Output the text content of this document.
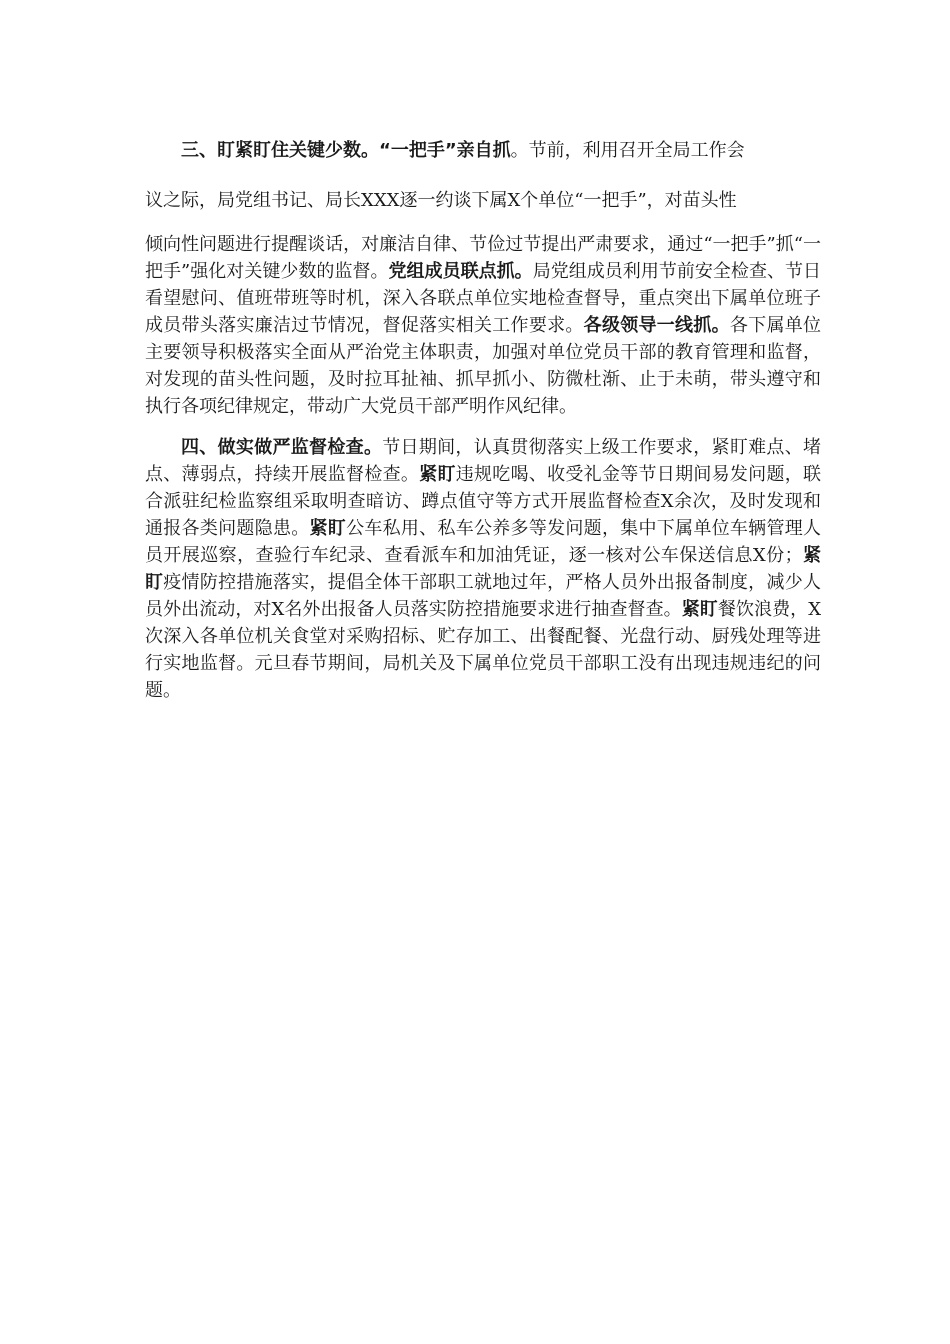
三、盯紧盯住关键少数。“一把手”亲自抓。节前，利用召开全局工作会
议之际，局党组书记、局长XXX逐一约谈下属X个单位“一把手”，对苗头性
倾向性问题进行提醒谈话，对廉洁自律、节俭过节提出严肃要求，通过“一把手”抓“一把手”强化对关键少数的监督。党组成员联点抓。局党组成员利用节前安全检查、节日看望慰问、值班带班等时机，深入各联点单位实地检查督导，重点突出下属单位班子成员带头落实廉洁过节情况，督促落实相关工作要求。各级领导一线抓。各下属单位主要领导积极落实全面从严治党主体职责，加强对单位党员干部的教育管理和监督，对发现的苗头性问题，及时拉耳扯袖、抓早抓小、防微杜渐、止于未萌，带头遵守和执行各项纪律规定，带动广大党员干部严明作风纪律。
四、做实做严监督检查。节日期间，认真贯彻落实上级工作要求，紧盯难点、堵点、薄弱点，持续开展监督检查。紧盯违规吃喝、收受礼金等节日期间易发问题，联合派驻纪检监察组采取明查暗访、蹲点值守等方式开展监督检查X余次，及时发现和通报各类问题隐患。紧盯公车私用、私车公养多等发问题，集中下属单位车辆管理人员开展巡察，查验行车纪录、查看派车和加油凭证，逐一核对公车保送信息X份；紧盯疫情防控措施落实，提倡全体干部职工就地过年，严格人员外出报备制度，减少人员外出流动，对X名外出报备人员落实防控措施要求进行抽查督查。紧盯餐饮浪费，X次深入各单位机关食堂对采购招标、贮存加工、出餐配餐、光盘行动、厨残处理等进行实地监督。元旦春节期间，局机关及下属单位党员干部职工没有出现违规违纪的问题。
